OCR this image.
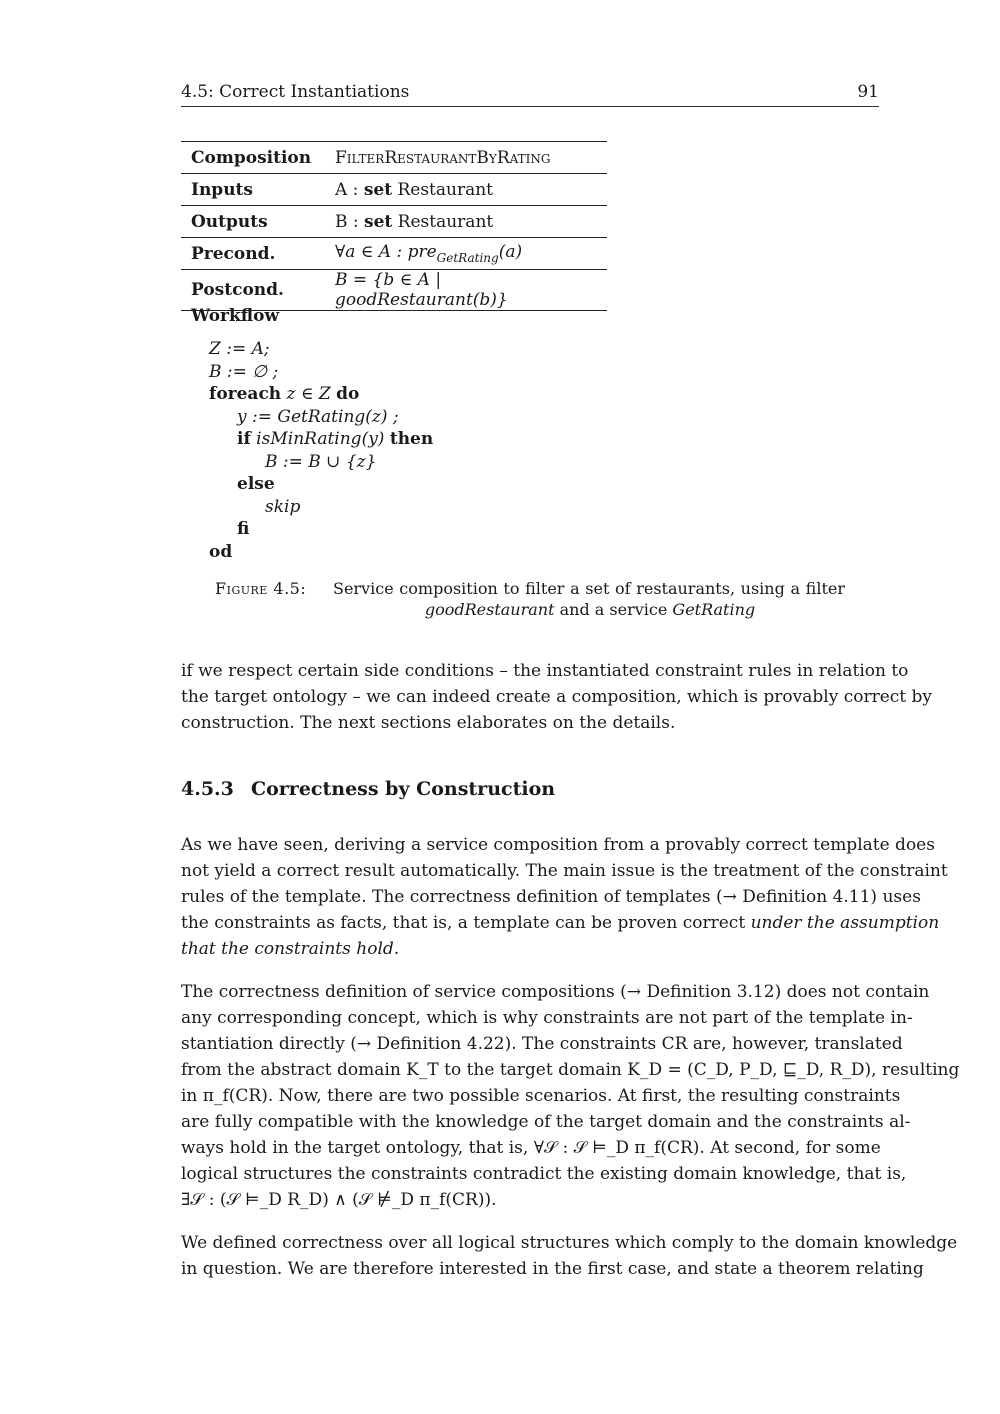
4.5: Correct Instantiations	91
Composition	FilterRestaurantByRating
Inputs	A : set Restaurant
Outputs	B : set Restaurant
Precond.	∀a ∈ A : pre$_{GetRating}$(a)
Postcond.	B = {b ∈ A | goodRestaurant(b)}
Workflow
Z := A;
B := ∅ ;
foreach z ∈ Z do
y := GetRating(z) ;
if isMinRating(y) then
B := B ∪ {z}
else
skip
fi
od
Figure 4.5: Service composition to filter a set of restaurants, using a filter
goodRestaurant and a service GetRating
if we respect certain side conditions – the instantiated constraint rules in relation to
the target ontology – we can indeed create a composition, which is provably correct by
construction. The next sections elaborates on the details.
4.5.3 Correctness by Construction
As we have seen, deriving a service composition from a provably correct template does
not yield a correct result automatically. The main issue is the treatment of the constraint
rules of the template. The correctness definition of templates (→ Definition 4.11) uses
the constraints as facts, that is, a template can be proven correct under the assumption
that the constraints hold.
The correctness definition of service compositions (→ Definition 3.12) does not contain
any corresponding concept, which is why constraints are not part of the template in-
stantiation directly (→ Definition 4.22). The constraints CR are, however, translated
from the abstract domain K_T to the target domain K_D = (C_D, P_D, ⊑_D, R_D), resulting
in π_f(CR). Now, there are two possible scenarios. At first, the resulting constraints
are fully compatible with the knowledge of the target domain and the constraints al-
ways hold in the target ontology, that is, ∀𝒮 : 𝒮 ⊨_D π_f(CR). At second, for some
logical structures the constraints contradict the existing domain knowledge, that is,
∃𝒮 : (𝒮 ⊨_D R_D) ∧ (𝒮 ⊭_D π_f(CR)).
We defined correctness over all logical structures which comply to the domain knowledge
in question. We are therefore interested in the first case, and state a theorem relating
